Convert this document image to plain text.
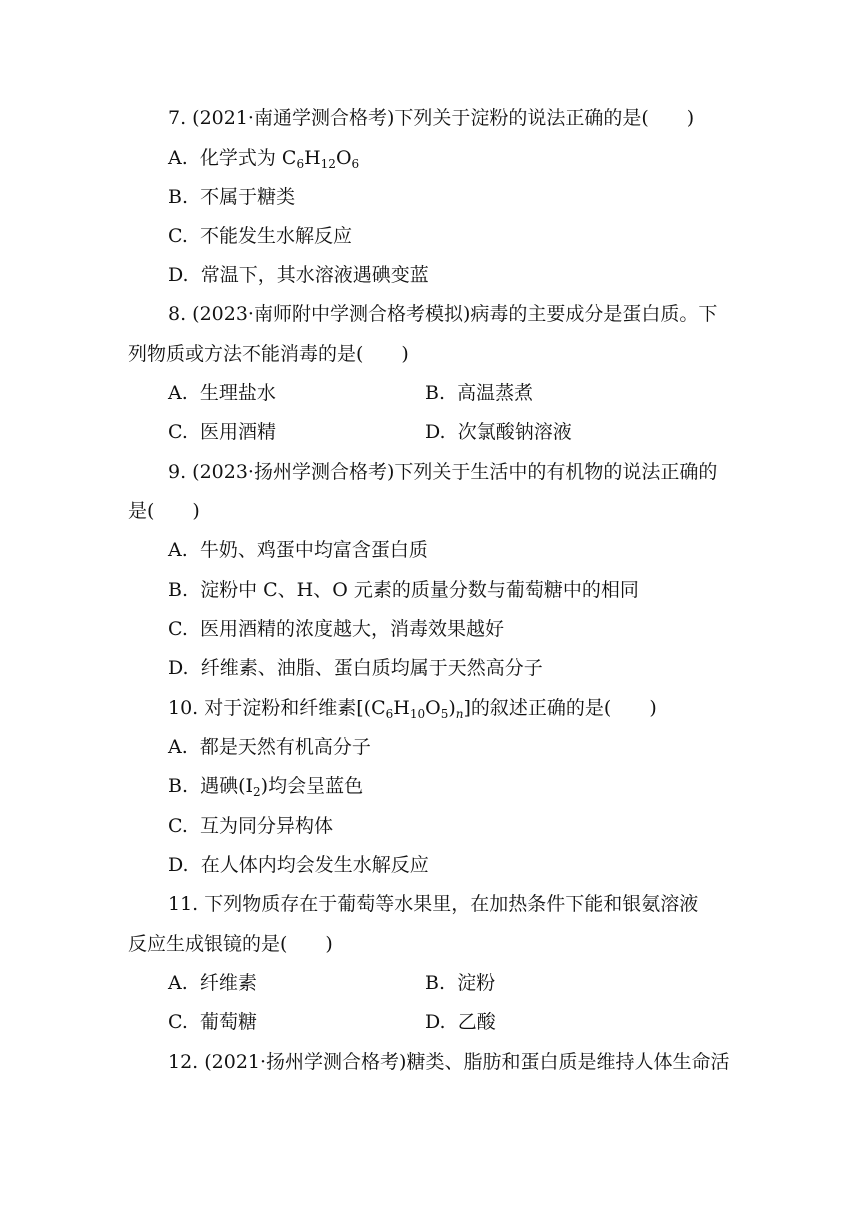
7. (2021·南通学测合格考)下列关于淀粉的说法正确的是(　　)
A. 化学式为 $C_6H_{12}O_6$
B. 不属于糖类
C. 不能发生水解反应
D. 常温下，其水溶液遇碘变蓝
8. (2023·南师附中学测合格考模拟)病毒的主要成分是蛋白质。下
列物质或方法不能消毒的是(　　)
A. 生理盐水	B. 高温蒸煮
C. 医用酒精	D. 次氯酸钠溶液
9. (2023·扬州学测合格考)下列关于生活中的有机物的说法正确的
是(　　)
A. 牛奶、鸡蛋中均富含蛋白质
B. 淀粉中 C、H、O 元素的质量分数与葡萄糖中的相同
C. 医用酒精的浓度越大，消毒效果越好
D. 纤维素、油脂、蛋白质均属于天然高分子
10. 对于淀粉和纤维素$[(C_6H_{10}O_5)_n]$的叙述正确的是(　　)
A. 都是天然有机高分子
B. 遇碘$(I_2)$均会呈蓝色
C. 互为同分异构体
D. 在人体内均会发生水解反应
11. 下列物质存在于葡萄等水果里，在加热条件下能和银氨溶液
反应生成银镜的是(　　)
A. 纤维素	B. 淀粉
C. 葡萄糖	D. 乙酸
12. (2021·扬州学测合格考)糖类、脂肪和蛋白质是维持人体生命活
